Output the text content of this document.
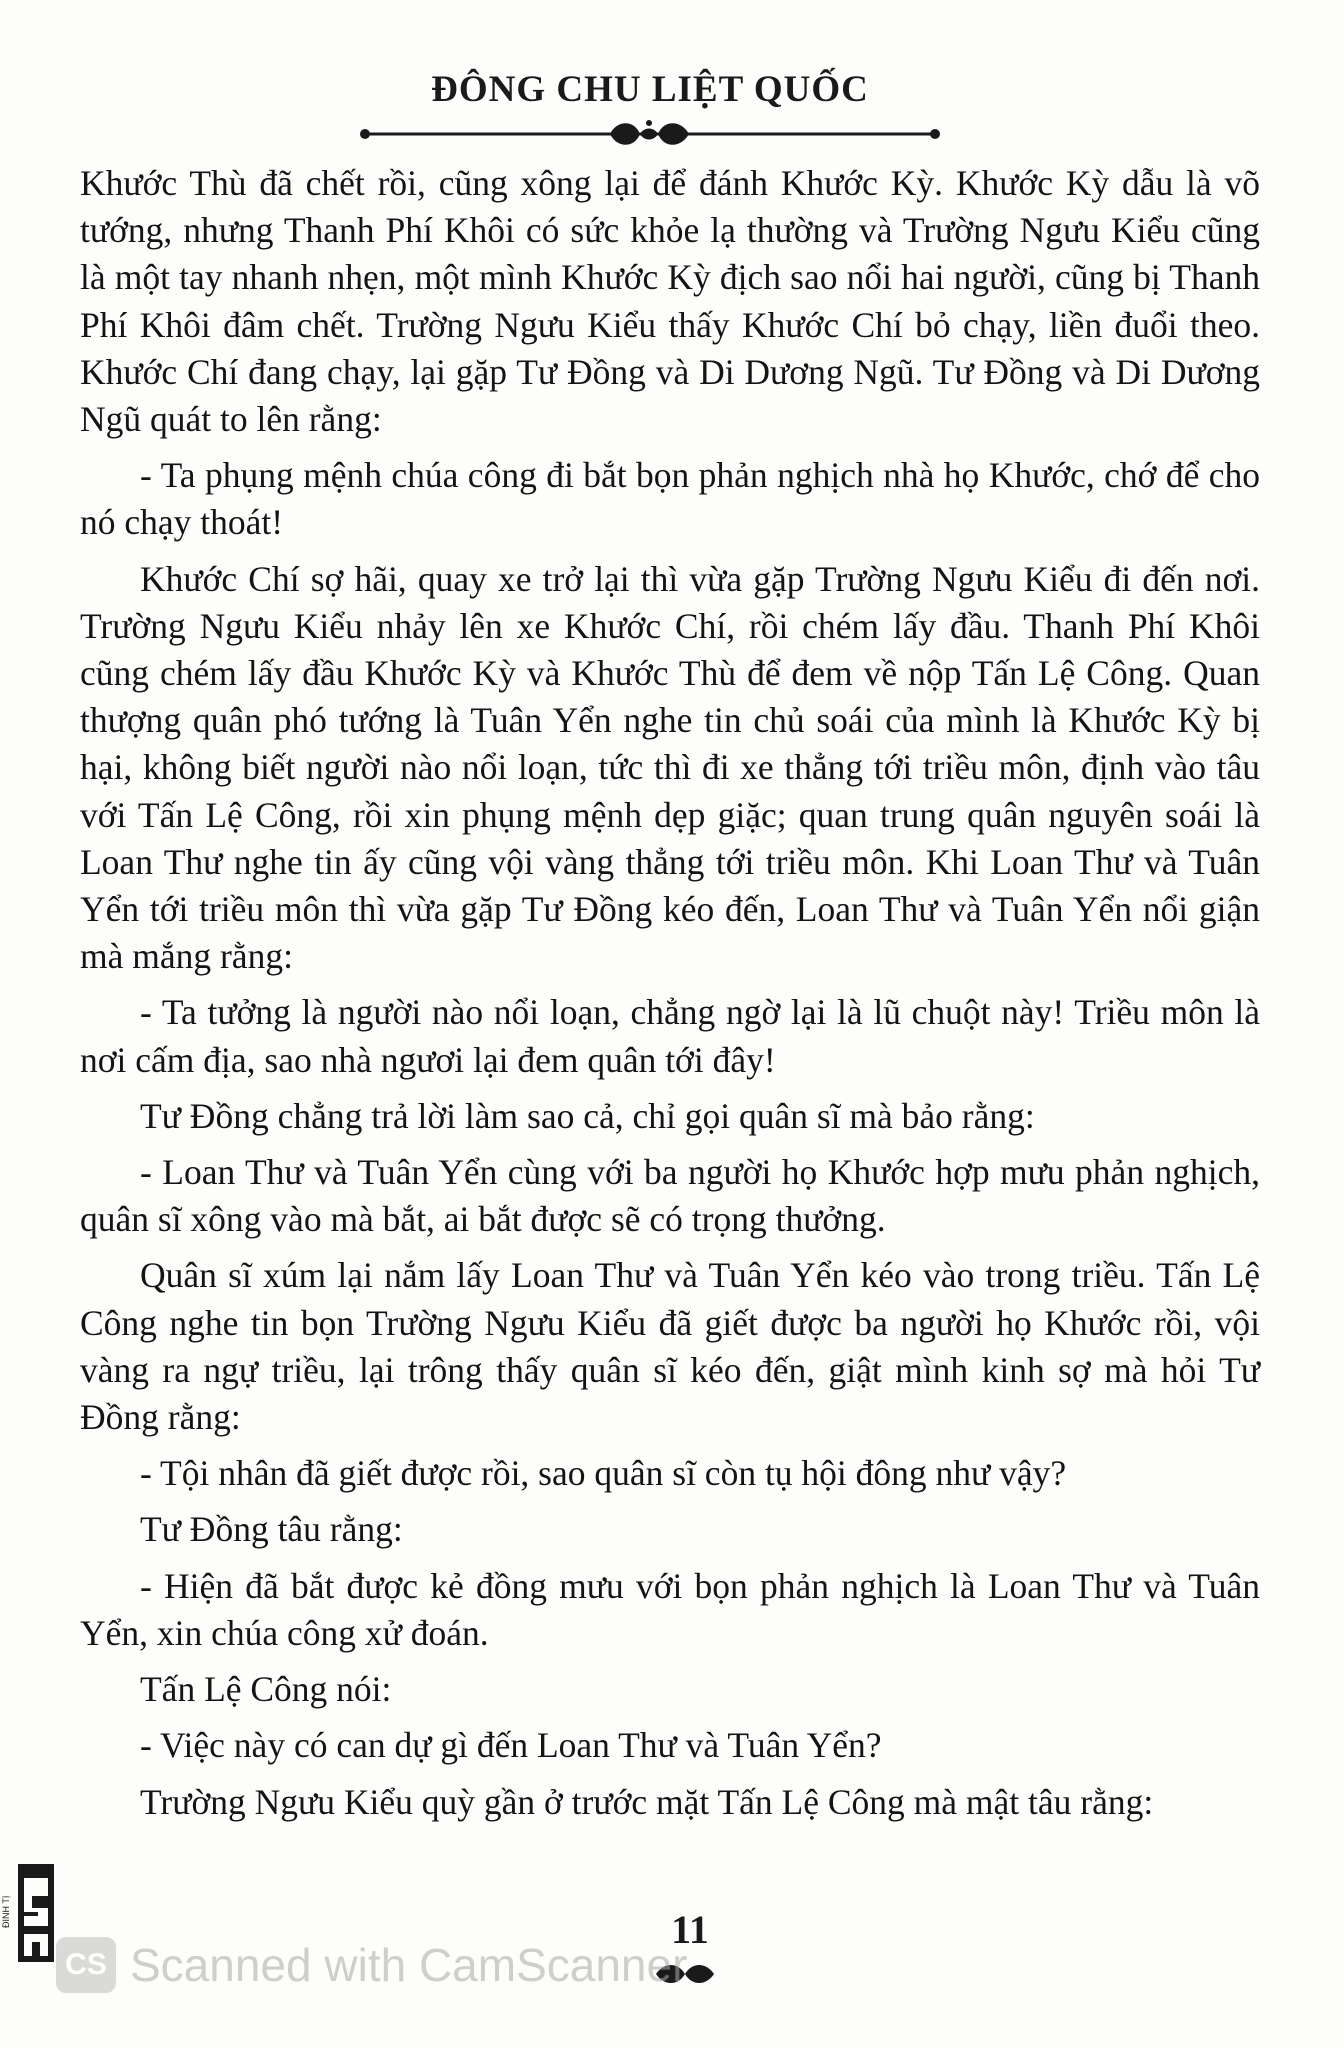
ĐÔNG CHU LIỆT QUỐC

Khước Thù đã chết rồi, cũng xông lại để đánh Khước Kỳ. Khước Kỳ dẫu là võ tướng, nhưng Thanh Phí Khôi có sức khỏe lạ thường và Trường Ngưu Kiểu cũng là một tay nhanh nhẹn, một mình Khước Kỳ địch sao nổi hai người, cũng bị Thanh Phí Khôi đâm chết. Trường Ngưu Kiểu thấy Khước Chí bỏ chạy, liền đuổi theo. Khước Chí đang chạy, lại gặp Tư Đồng và Di Dương Ngũ. Tư Đồng và Di Dương Ngũ quát to lên rằng:

- Ta phụng mệnh chúa công đi bắt bọn phản nghịch nhà họ Khước, chớ để cho nó chạy thoát!

Khước Chí sợ hãi, quay xe trở lại thì vừa gặp Trường Ngưu Kiểu đi đến nơi. Trường Ngưu Kiểu nhảy lên xe Khước Chí, rồi chém lấy đầu. Thanh Phí Khôi cũng chém lấy đầu Khước Kỳ và Khước Thù để đem về nộp Tấn Lệ Công. Quan thượng quân phó tướng là Tuân Yển nghe tin chủ soái của mình là Khước Kỳ bị hại, không biết người nào nổi loạn, tức thì đi xe thẳng tới triều môn, định vào tâu với Tấn Lệ Công, rồi xin phụng mệnh dẹp giặc; quan trung quân nguyên soái là Loan Thư nghe tin ấy cũng vội vàng thẳng tới triều môn. Khi Loan Thư và Tuân Yển tới triều môn thì vừa gặp Tư Đồng kéo đến, Loan Thư và Tuân Yển nổi giận mà mắng rằng:

- Ta tưởng là người nào nổi loạn, chẳng ngờ lại là lũ chuột này! Triều môn là nơi cấm địa, sao nhà ngươi lại đem quân tới đây!

Tư Đồng chẳng trả lời làm sao cả, chỉ gọi quân sĩ mà bảo rằng:

- Loan Thư và Tuân Yển cùng với ba người họ Khước hợp mưu phản nghịch, quân sĩ xông vào mà bắt, ai bắt được sẽ có trọng thưởng.

Quân sĩ xúm lại nắm lấy Loan Thư và Tuân Yển kéo vào trong triều. Tấn Lệ Công nghe tin bọn Trường Ngưu Kiểu đã giết được ba người họ Khước rồi, vội vàng ra ngự triều, lại trông thấy quân sĩ kéo đến, giật mình kinh sợ mà hỏi Tư Đồng rằng:

- Tội nhân đã giết được rồi, sao quân sĩ còn tụ hội đông như vậy?

Tư Đồng tâu rằng:

- Hiện đã bắt được kẻ đồng mưu với bọn phản nghịch là Loan Thư và Tuân Yển, xin chúa công xử đoán.

Tấn Lệ Công nói:

- Việc này có can dự gì đến Loan Thư và Tuân Yển?

Trường Ngưu Kiểu quỳ gần ở trước mặt Tấn Lệ Công mà mật tâu rằng:

ĐINH TỊ	11
CS Scanned with CamScanner
